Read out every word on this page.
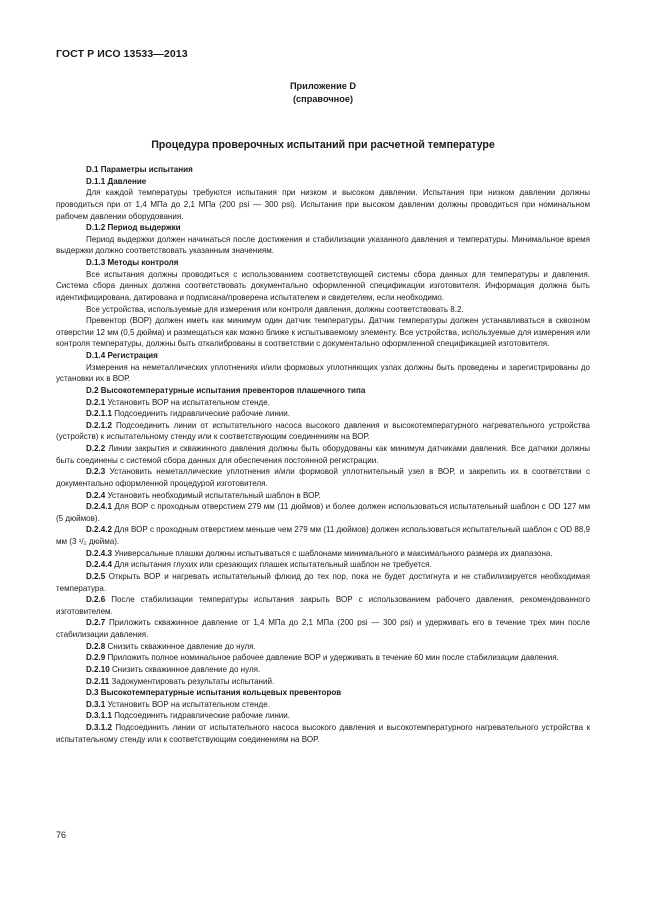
ГОСТ Р ИСО 13533—2013
Приложение D
(справочное)
Процедура проверочных испытаний при расчетной температуре
D.1 Параметры испытания
D.1.1 Давление
Для каждой температуры требуются испытания при низком и высоком давлении. Испытания при низком давлении должны проводиться при от 1,4 МПа до 2,1 МПа (200 psi — 300 psi). Испытания при высоком давлении должны проводиться при номинальном рабочем давлении оборудования.
D.1.2 Период выдержки
Период выдержки должен начинаться после достижения и стабилизации указанного давления и температуры. Минимальное время выдержки должно соответствовать указанным значениям.
D.1.3 Методы контроля
Все испытания должны проводиться с использованием соответствующей системы сбора данных для температуры и давления. Система сбора данных должна соответствовать документально оформленной спецификации изготовителя. Информация должна быть идентифицирована, датирована и подписана/проверена испытателем и свидетелем, если необходимо.
Все устройства, используемые для измерения или контроля давления, должны соответствовать 8.2.
Превентор (ВОР) должен иметь как минимум один датчик температуры. Датчик температуры должен устанавливаться в сквозном отверстии 12 мм (0,5 дюйма) и размещаться как можно ближе к испытываемому элементу. Все устройства, используемые для измерения или контроля температуры, должны быть откалиброваны в соответствии с документально оформленной спецификацией изготовителя.
D.1.4 Регистрация
Измерения на неметаллических уплотнениях и/или формовых уплотняющих узлах должны быть проведены и зарегистрированы до установки их в ВОР.
D.2 Высокотемпературные испытания превенторов плашечного типа
D.2.1 Установить ВОР на испытательном стенде.
D.2.1.1 Подсоединить гидравлические рабочие линии.
D.2.1.2 Подсоединить линии от испытательного насоса высокого давления и высокотемпературного нагревательного устройства (устройств) к испытательному стенду или к соответствующим соединениям на ВОР.
D.2.2 Линии закрытия и скважинного давления должны быть оборудованы как минимум датчиками давления. Все датчики должны быть соединены с системой сбора данных для обеспечения постоянной регистрации.
D.2.3 Установить неметаллические уплотнения и/или формовой уплотнительный узел в ВОР, и закрепить их в соответствии с документально оформленной процедурой изготовителя.
D.2.4 Установить необходимый испытательный шаблон в ВОР.
D.2.4.1 Для ВОР с проходным отверстием 279 мм (11 дюймов) и более должен использоваться испытательный шаблон с OD 127 мм (5 дюймов).
D.2.4.2 Для ВОР с проходным отверстием меньше чем 279 мм (11 дюймов) должен использоваться испытательный шаблон с OD 88,9 мм (3 ¹/₂ дюйма).
D.2.4.3 Универсальные плашки должны испытываться с шаблонами минимального и максимального размера их диапазона.
D.2.4.4 Для испытания глухих или срезающих плашек испытательный шаблон не требуется.
D.2.5 Открыть ВОР и нагревать испытательный флюид до тех пор, пока не будет достигнута и не стабилизируется необходимая температура.
D.2.6 После стабилизации температуры испытания закрыть ВОР с использованием рабочего давления, рекомендованного изготовителем.
D.2.7 Приложить скважинное давление от 1,4 МПа до 2,1 МПа (200 psi — 300 psi) и удерживать его в течение трех мин после стабилизации давления.
D.2.8 Снизить скважинное давление до нуля.
D.2.9 Приложить полное номинальное рабочее давление ВОР и удерживать в течение 60 мин после стабилизации давления.
D.2.10 Снизить скважинное давление до нуля.
D.2.11 Задокументировать результаты испытаний.
D.3 Высокотемпературные испытания кольцевых превенторов
D.3.1 Установить ВОР на испытательном стенде.
D.3.1.1 Подсоединить гидравлические рабочие линии.
D.3.1.2 Подсоединить линии от испытательного насоса высокого давления и высокотемпературного нагревательного устройства к испытательному стенду или к соответствующим соединениям на ВОР.
76
